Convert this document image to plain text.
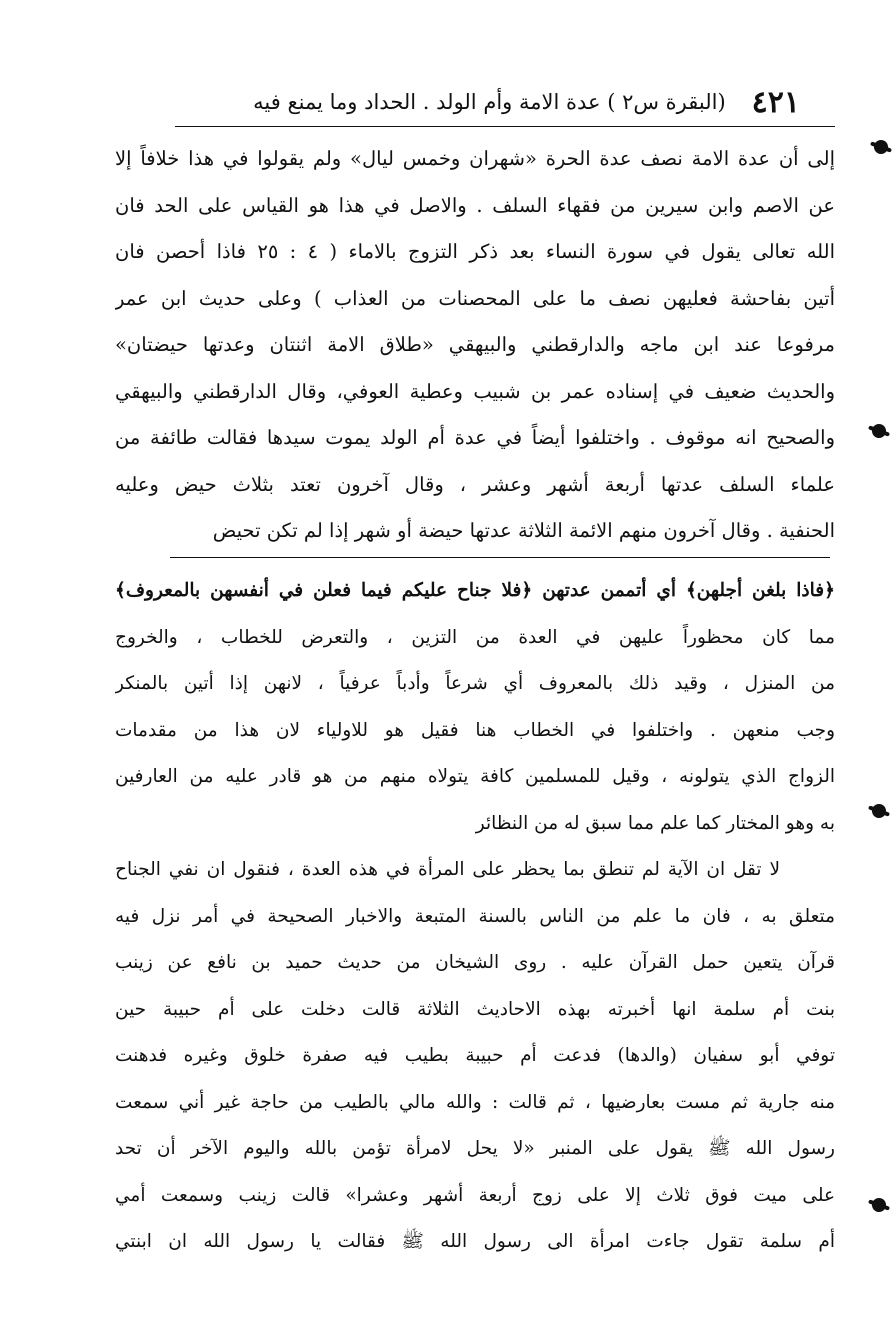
٤٢١
(البقرة س٢ ) عدة الامة وأم الولد . الحداد وما يمنع فيه
إلى أن عدة الامة نصف عدة الحرة «شهران وخمس ليال» ولم يقولوا في هذا خلافاً إلا
عن الاصم وابن سيرين من فقهاء السلف . والاصل في هذا هو القياس على الحد فان
الله تعالى يقول في سورة النساء بعد ذكر التزوج بالاماء ( ٤ : ٢٥ فاذا أحصن فان
أتين بفاحشة فعليهن نصف ما على المحصنات من العذاب ) وعلى حديث ابن عمر
مرفوعا عند ابن ماجه والدارقطني والبيهقي «طلاق الامة اثنتان وعدتها حيضتان»
والحديث ضعيف في إسناده عمر بن شبيب وعطية العوفي، وقال الدارقطني والبيهقي
والصحيح انه موقوف . واختلفوا أيضاً في عدة أم الولد يموت سيدها فقالت طائفة من
علماء السلف عدتها أربعة أشهر وعشر ، وقال آخرون تعتد بثلاث حيض وعليه
الحنفية . وقال آخرون منهم الائمة الثلاثة عدتها حيضة أو شهر إذا لم تكن تحيض
﴿فاذا بلغن أجلهن﴾ أي أتممن عدتهن ﴿فلا جناح عليكم فيما فعلن في أنفسهن بالمعروف﴾
مما كان محظوراً عليهن في العدة من التزين ، والتعرض للخطاب ، والخروج
من المنزل ، وقيد ذلك بالمعروف أي شرعاً وأدباً عرفياً ، لانهن إذا أتين بالمنكر
وجب منعهن . واختلفوا في الخطاب هنا فقيل هو للاولياء لان هذا من مقدمات
الزواج الذي يتولونه ، وقيل للمسلمين كافة يتولاه منهم من هو قادر عليه من العارفين
به وهو المختار كما علم مما سبق له من النظائر
لا تقل ان الآية لم تنطق بما يحظر على المرأة في هذه العدة ، فنقول ان نفي الجناح
متعلق به ، فان ما علم من الناس بالسنة المتبعة والاخبار الصحيحة في أمر نزل فيه
قرآن يتعين حمل القرآن عليه . روى الشيخان من حديث حميد بن نافع عن زينب
بنت أم سلمة انها أخبرته بهذه الاحاديث الثلاثة قالت دخلت على أم حبيبة حين
توفي أبو سفيان (والدها) فدعت أم حبيبة بطيب فيه صفرة خلوق وغيره فدهنت
منه جارية ثم مست بعارضيها ، ثم قالت : والله مالي بالطيب من حاجة غير أني سمعت
رسول الله ﷺ يقول على المنبر «لا يحل لامرأة تؤمن بالله واليوم الآخر أن تحد
على ميت فوق ثلاث إلا على زوج أربعة أشهر وعشرا» قالت زينب وسمعت أمي
أم سلمة تقول جاءت امرأة الى رسول الله ﷺ فقالت يا رسول الله ان ابنتي
